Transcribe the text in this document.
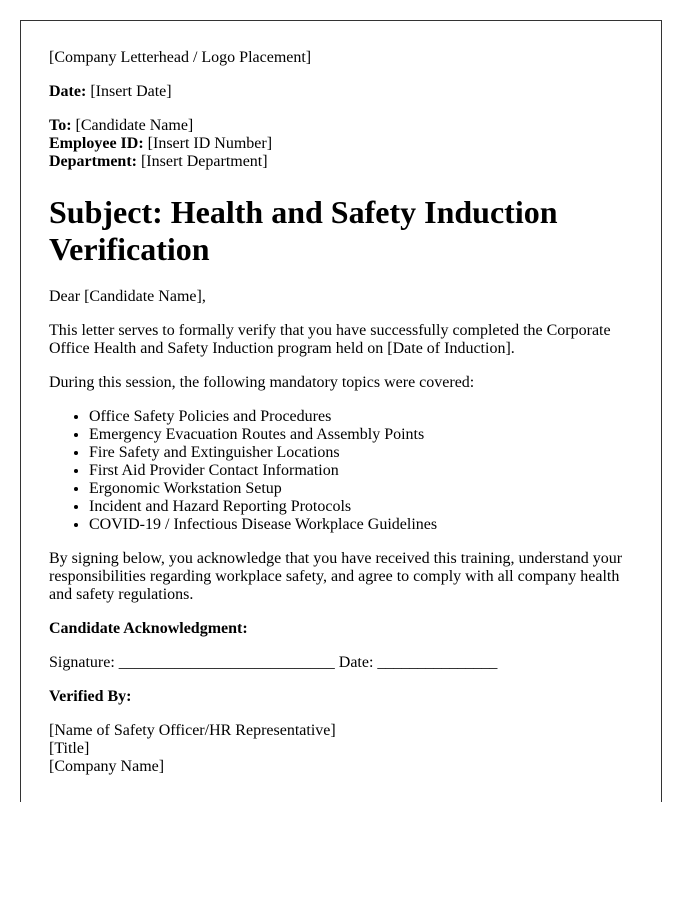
[Company Letterhead / Logo Placement]

Date: [Insert Date]

To: [Candidate Name]
Employee ID: [Insert ID Number]
Department: [Insert Department]
Subject: Health and Safety Induction Verification

Dear [Candidate Name],

This letter serves to formally verify that you have successfully completed the Corporate Office Health and Safety Induction program held on [Date of Induction].

During this session, the following mandatory topics were covered:

• Office Safety Policies and Procedures
• Emergency Evacuation Routes and Assembly Points
• Fire Safety and Extinguisher Locations
• First Aid Provider Contact Information
• Ergonomic Workstation Setup
• Incident and Hazard Reporting Protocols
• COVID-19 / Infectious Disease Workplace Guidelines

By signing below, you acknowledge that you have received this training, understand your responsibilities regarding workplace safety, and agree to comply with all company health and safety regulations.

Candidate Acknowledgment:

Signature: ___________________________ Date: _______________

Verified By:

[Name of Safety Officer/HR Representative]
[Title]
[Company Name]
